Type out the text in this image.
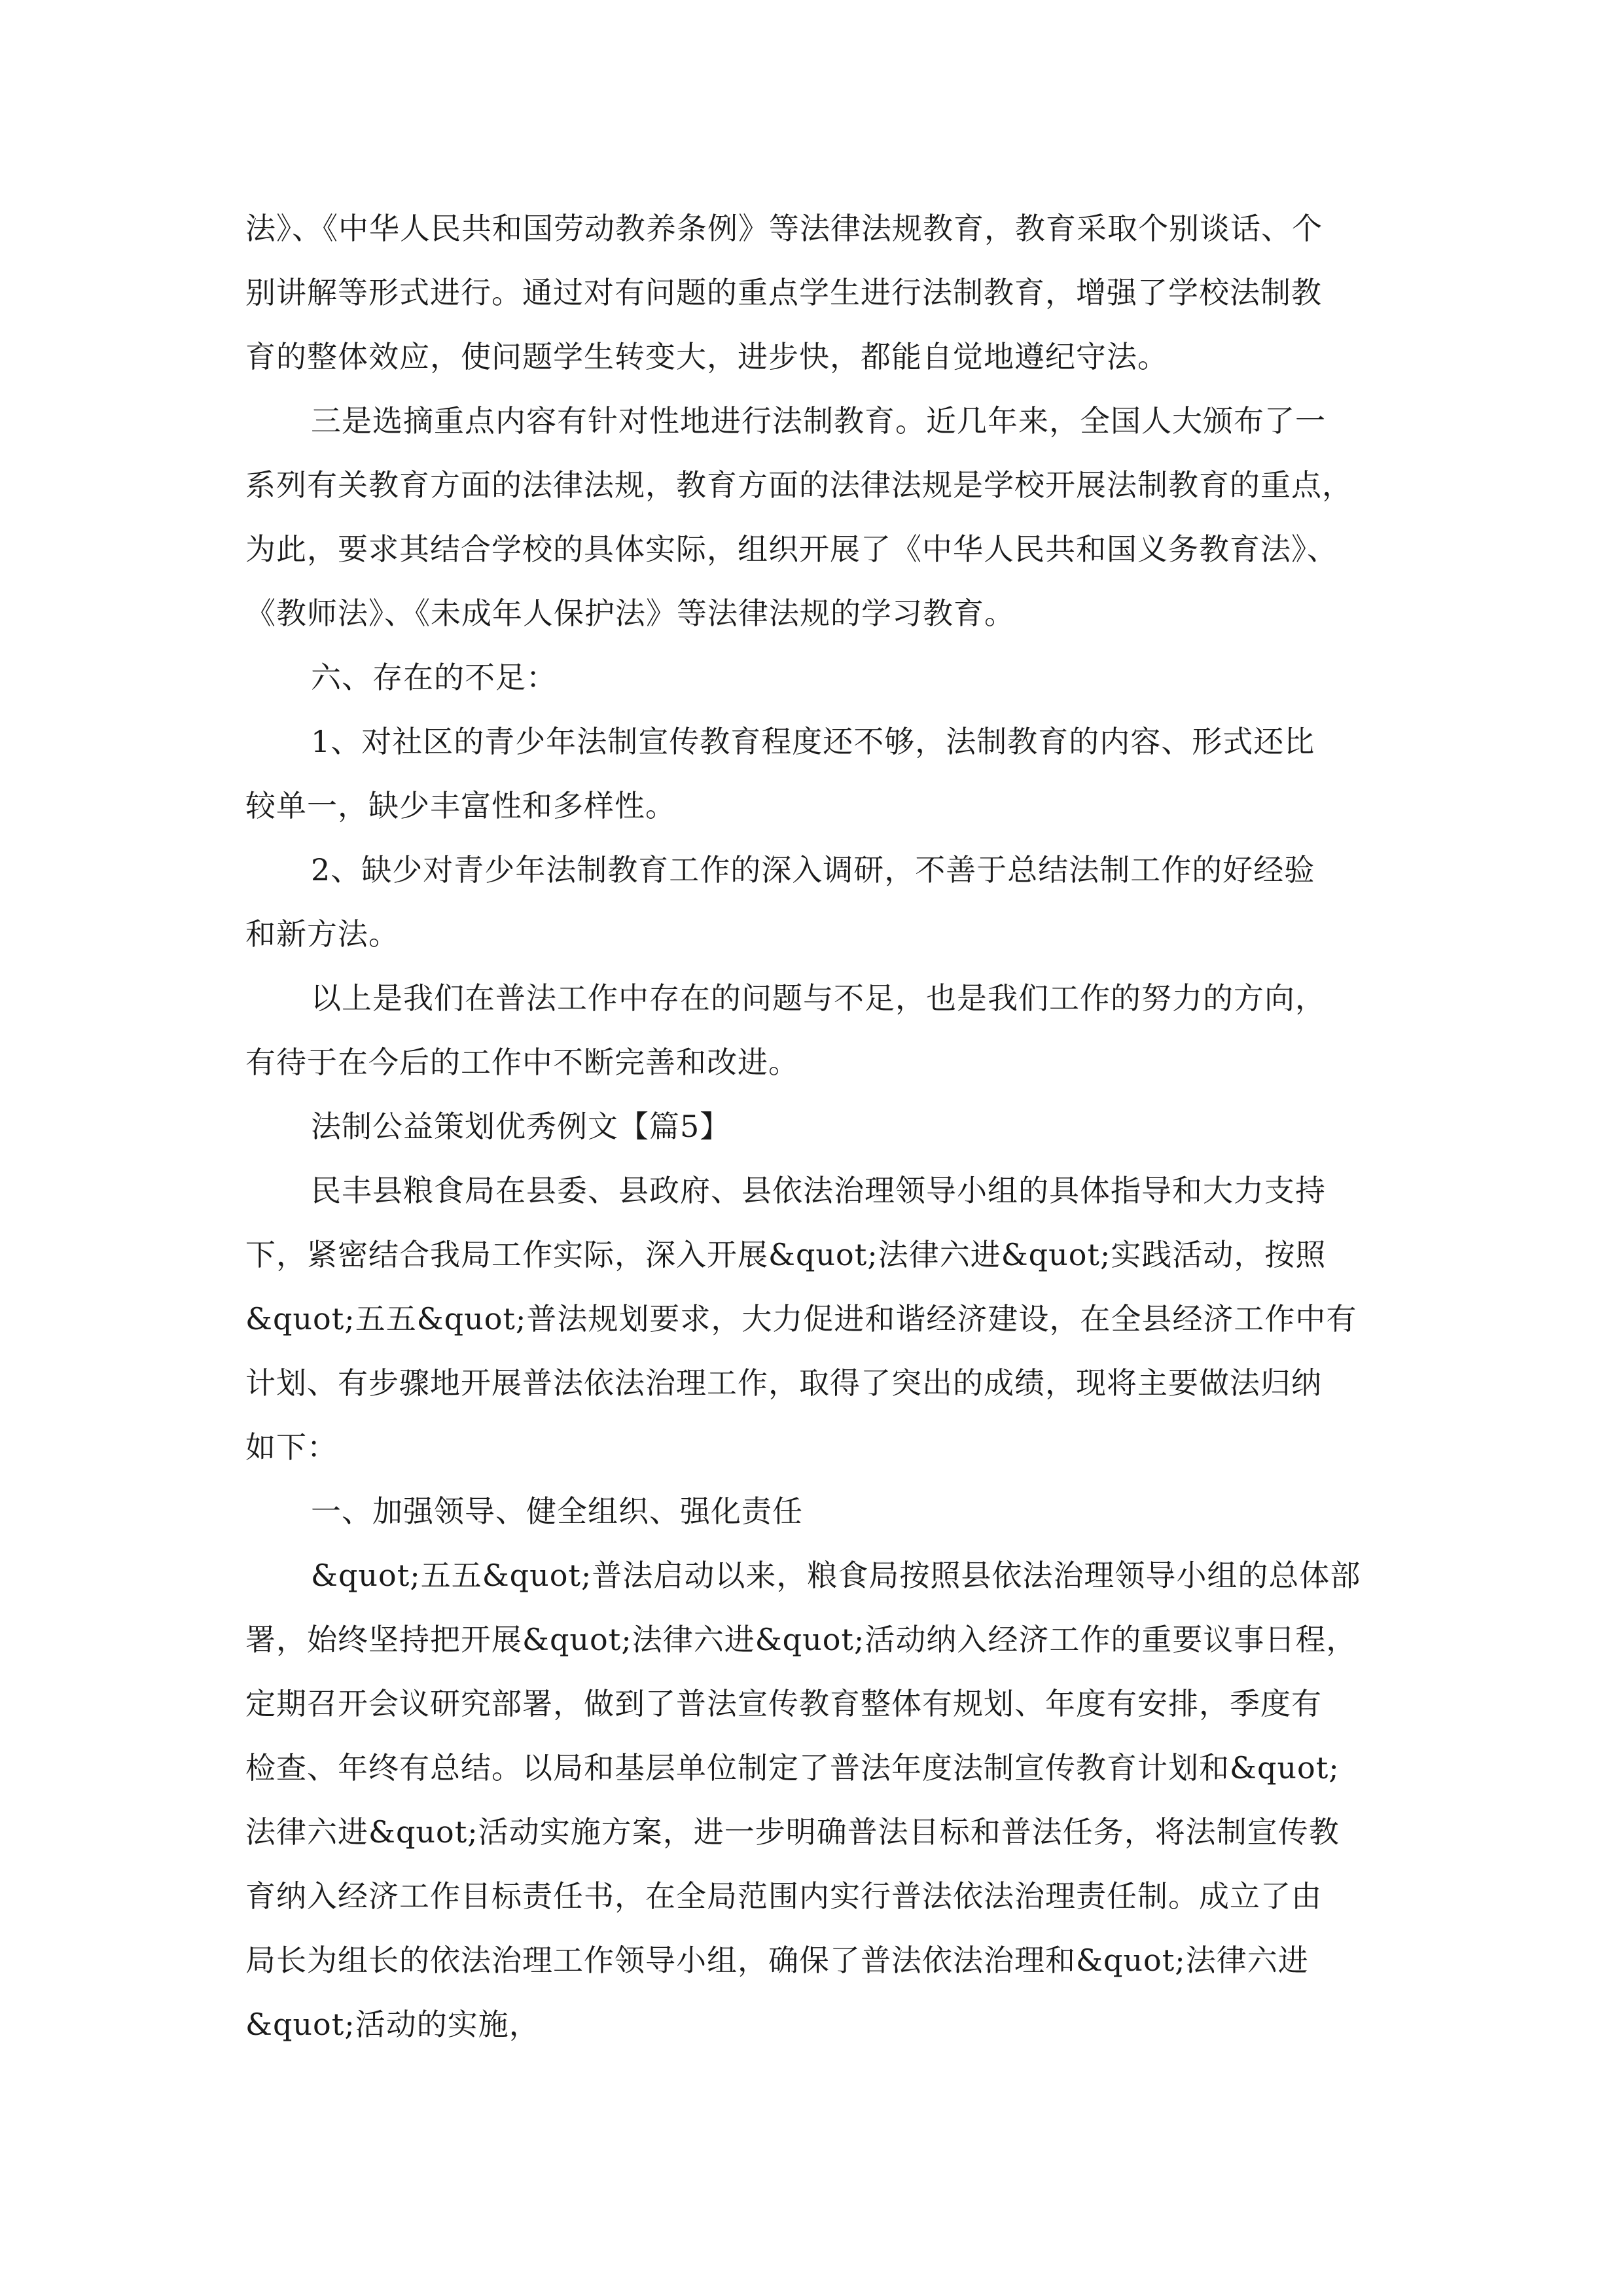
法》、《中华人民共和国劳动教养条例》等法律法规教育，教育采取个别谈话、个
别讲解等形式进行。通过对有问题的重点学生进行法制教育，增强了学校法制教
育的整体效应，使问题学生转变大，进步快，都能自觉地遵纪守法。
三是选摘重点内容有针对性地进行法制教育。近几年来，全国人大颁布了一
系列有关教育方面的法律法规，教育方面的法律法规是学校开展法制教育的重点，
为此，要求其结合学校的具体实际，组织开展了《中华人民共和国义务教育法》、
《教师法》、《未成年人保护法》等法律法规的学习教育。
六、存在的不足：
1、对社区的青少年法制宣传教育程度还不够，法制教育的内容、形式还比
较单一，缺少丰富性和多样性。
2、缺少对青少年法制教育工作的深入调研，不善于总结法制工作的好经验
和新方法。
以上是我们在普法工作中存在的问题与不足，也是我们工作的努力的方向，
有待于在今后的工作中不断完善和改进。
法制公益策划优秀例文【篇5】
民丰县粮食局在县委、县政府、县依法治理领导小组的具体指导和大力支持
下，紧密结合我局工作实际，深入开展&quot;法律六进&quot;实践活动，按照
&quot;五五&quot;普法规划要求，大力促进和谐经济建设，在全县经济工作中有
计划、有步骤地开展普法依法治理工作，取得了突出的成绩，现将主要做法归纳
如下：
一、加强领导、健全组织、强化责任
&quot;五五&quot;普法启动以来，粮食局按照县依法治理领导小组的总体部
署，始终坚持把开展&quot;法律六进&quot;活动纳入经济工作的重要议事日程，
定期召开会议研究部署，做到了普法宣传教育整体有规划、年度有安排，季度有
检查、年终有总结。以局和基层单位制定了普法年度法制宣传教育计划和&quot;
法律六进&quot;活动实施方案，进一步明确普法目标和普法任务，将法制宣传教
育纳入经济工作目标责任书，在全局范围内实行普法依法治理责任制。成立了由
局长为组长的依法治理工作领导小组，确保了普法依法治理和&quot;法律六进
&quot;活动的实施，
